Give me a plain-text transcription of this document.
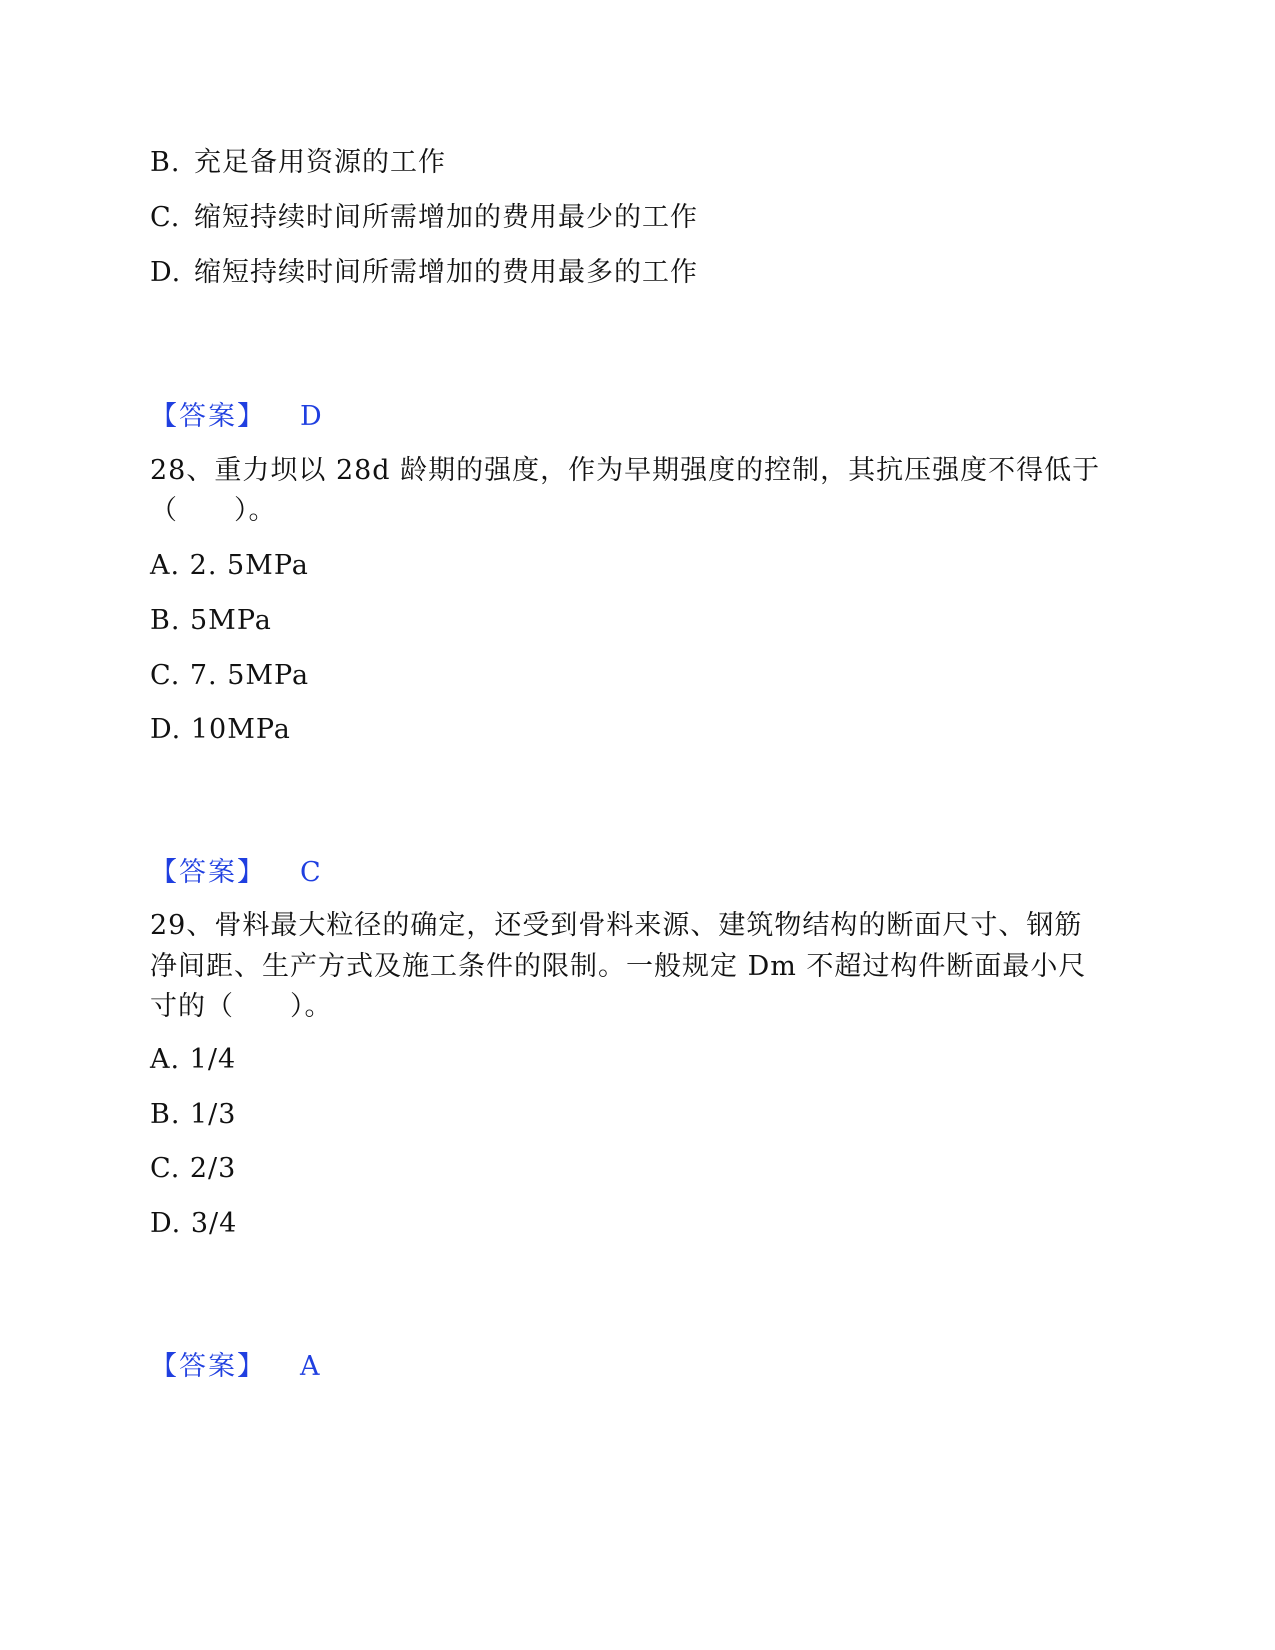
B. 充足备用资源的工作
C. 缩短持续时间所需增加的费用最少的工作
D. 缩短持续时间所需增加的费用最多的工作
【答案】 D
28、重力坝以 28d 龄期的强度，作为早期强度的控制，其抗压强度不得低于
（　　）。
A. 2. 5MPa
B. 5MPa
C. 7. 5MPa
D. 10MPa
【答案】 C
29、骨料最大粒径的确定，还受到骨料来源、建筑物结构的断面尺寸、钢筋
净间距、生产方式及施工条件的限制。一般规定 Dm 不超过构件断面最小尺
寸的（　　）。
A. 1/4
B. 1/3
C. 2/3
D. 3/4
【答案】 A
